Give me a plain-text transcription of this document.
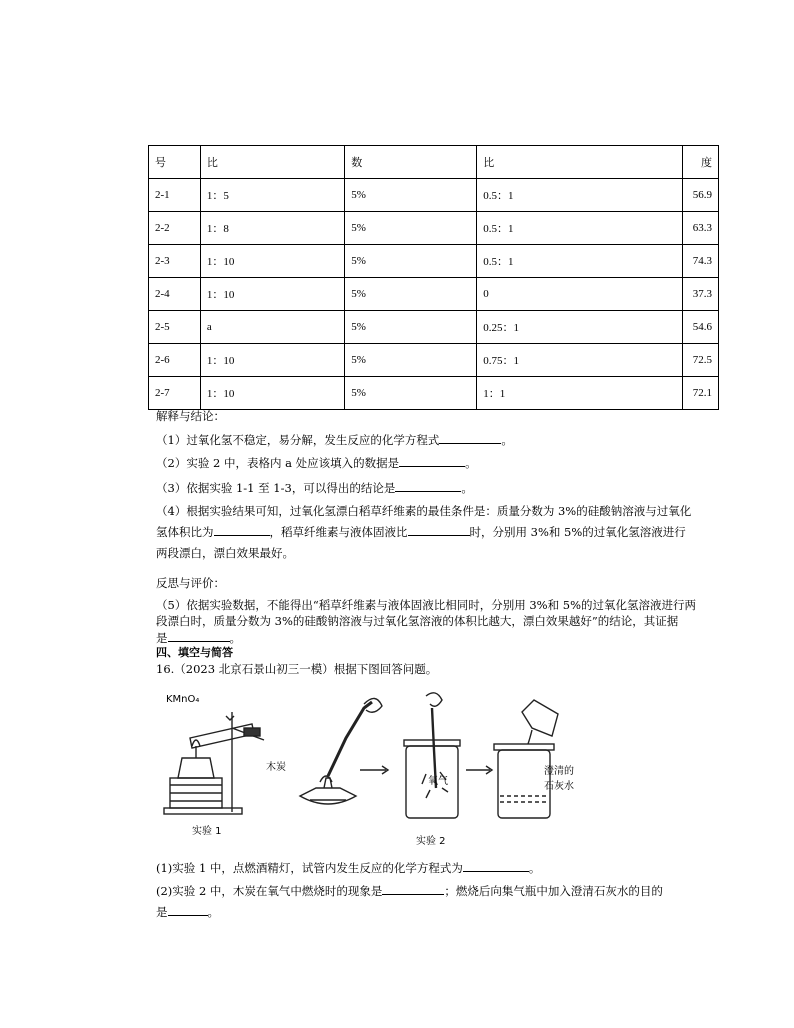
号	比	数	比	度
2-1	1：5	5%	0.5：1	56.9
2-2	1：8	5%	0.5：1	63.3
2-3	1：10	5%	0.5：1	74.3
2-4	1：10	5%	0	37.3
2-5	a	5%	0.25：1	54.6
2-6	1：10	5%	0.75：1	72.5
2-7	1：10	5%	1：1	72.1
解释与结论：
（1）过氧化氢不稳定，易分解，发生反应的化学方程式	。
（2）实验 2 中，表格内 a 处应该填入的数据是	。
（3）依据实验 1-1 至 1-3，可以得出的结论是	。
（4）根据实验结果可知，过氧化氢漂白稻草纤维素的最佳条件是：质量分数为 3%的硅酸钠溶液与过氧化
氢体积比为	，稻草纤维素与液体固液比	时，分别用 3%和 5%的过氧化氢溶液进行
两段漂白，漂白效果最好。
反思与评价：
（5）依据实验数据，不能得出“稻草纤维素与液体固液比相同时，分别用 3%和 5%的过氧化氢溶液进行两
段漂白时，质量分数为 3%的硅酸钠溶液与过氧化氢溶液的体积比越大，漂白效果越好”的结论，其证据
是	。
四、填空与简答
16.（2023 北京石景山初三一模）根据下图回答问题。
KMnO₄
木炭
氧气
澄清的
石灰水
实验 1
实验 2
(1)实验 1 中，点燃酒精灯，试管内发生反应的化学方程式为	。
(2)实验 2 中，木炭在氧气中燃烧时的现象是	；燃烧后向集气瓶中加入澄清石灰水的目的
是	。
